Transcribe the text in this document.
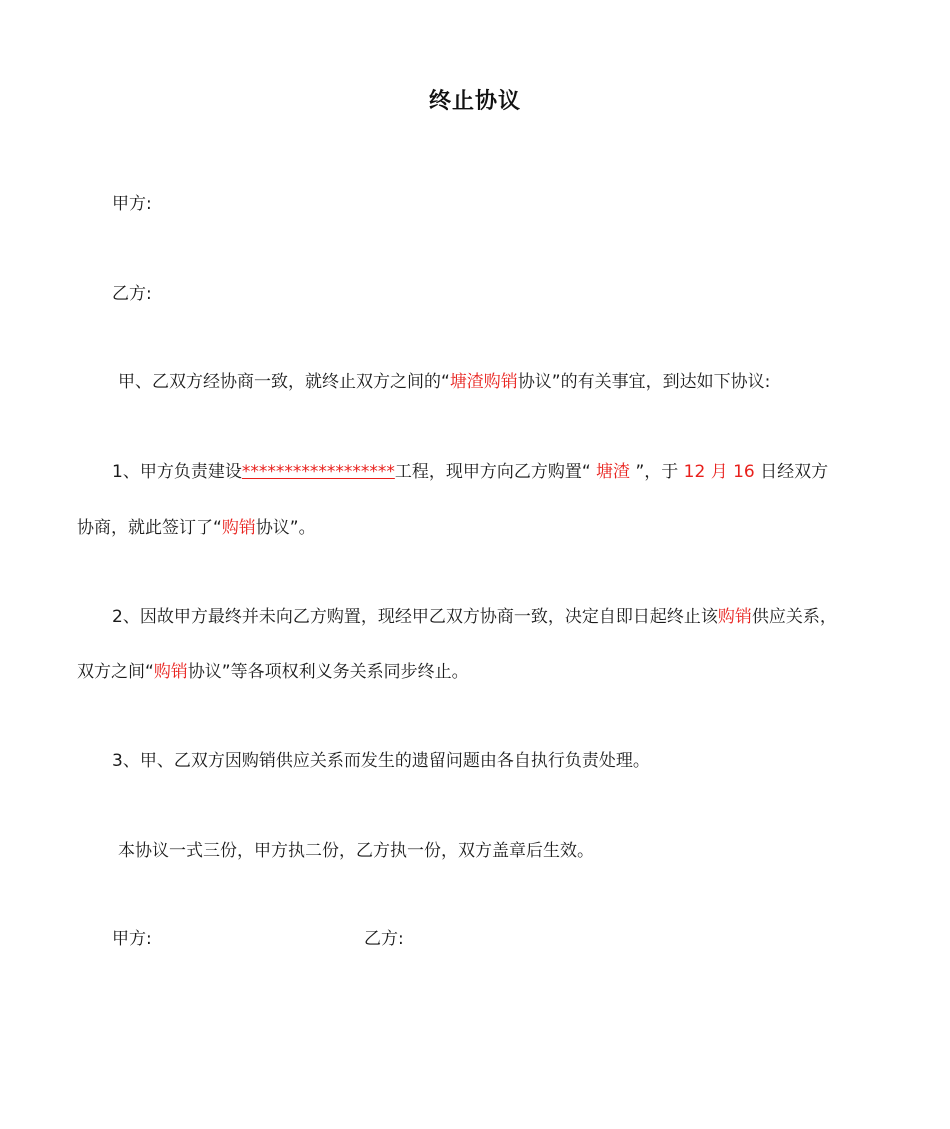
终止协议
甲方:
乙方:
甲、乙双方经协商一致，就终止双方之间的“塘渣购销协议”的有关事宜，到达如下协议:
1、甲方负责建设******************工程，现甲方向乙方购置“ 塘渣 ”，于 12 月 16 日经双方
协商，就此签订了“购销协议”。
2、因故甲方最终并未向乙方购置，现经甲乙双方协商一致，决定自即日起终止该购销供应关系，
双方之间“购销协议”等各项权利义务关系同步终止。
3、甲、乙双方因购销供应关系而发生的遗留问题由各自执行负责处理。
本协议一式三份，甲方执二份，乙方执一份，双方盖章后生效。
甲方:	乙方:
